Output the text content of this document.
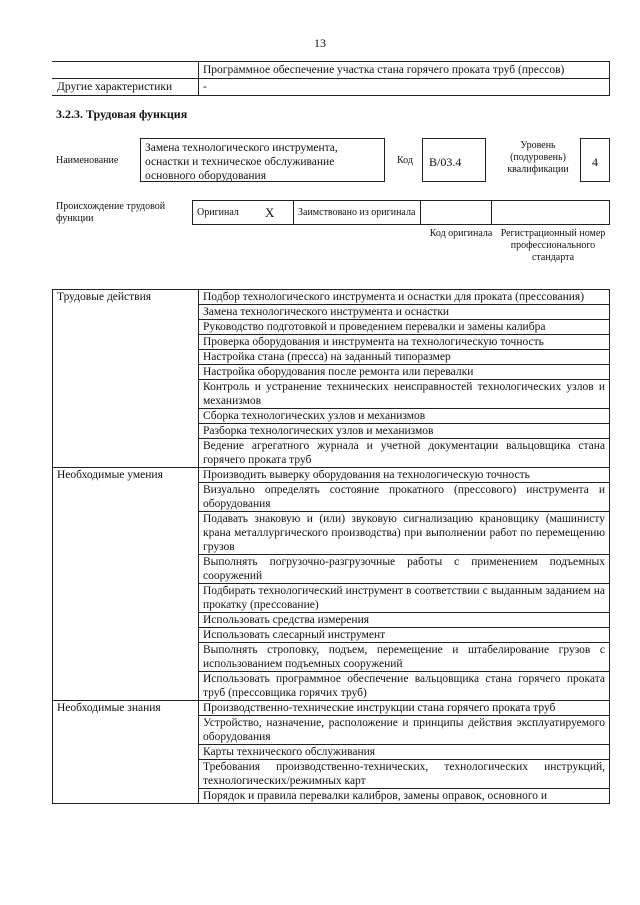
13
	Программное обеспечение участка стана горячего проката труб (прессов)
Другие характеристики	-
3.2.3. Трудовая функция
Наименование
Замена технологического инструмента, оснастки и техническое обслуживание основного оборудования
Код	В/03.4
Уровень (подуровень) квалификации
4
Происхождение трудовой функции
Оригинал	X	Заимствовано из оригинала		
Код оригинала Регистрационный номер профессионального стандарта
Трудовые действия	Подбор технологического инструмента и оснастки для проката (прессования)
	Замена технологического инструмента и оснастки
	Руководство подготовкой и проведением перевалки и замены калибра
	Проверка оборудования и инструмента на технологическую точность
	Настройка стана (пресса) на заданный типоразмер
	Настройка оборудования после ремонта или перевалки
	Контроль и устранение технических неисправностей технологических узлов и механизмов
	Сборка технологических узлов и механизмов
	Разборка технологических узлов и механизмов
	Ведение агрегатного журнала и учетной документации вальцовщика стана горячего проката труб
Необходимые умения	Производить выверку оборудования на технологическую точность
	Визуально определять состояние прокатного (прессового) инструмента и оборудования
	Подавать знаковую и (или) звуковую сигнализацию крановщику (машинисту крана металлургического производства) при выполнении работ по перемещению грузов
	Выполнять погрузочно-разгрузочные работы с применением подъемных сооружений
	Подбирать технологический инструмент в соответствии с выданным заданием на прокатку (прессование)
	Использовать средства измерения
	Использовать слесарный инструмент
	Выполнять строповку, подъем, перемещение и штабелирование грузов с использованием подъемных сооружений
	Использовать программное обеспечение вальцовщика стана горячего проката труб (прессовщика горячих труб)
Необходимые знания	Производственно-технические инструкции стана горячего проката труб
	Устройство, назначение, расположение и принципы действия эксплуатируемого оборудования
	Карты технического обслуживания
	Требования производственно-технических, технологических инструкций, технологических/режимных карт
	Порядок и правила перевалки калибров, замены оправок, основного и
